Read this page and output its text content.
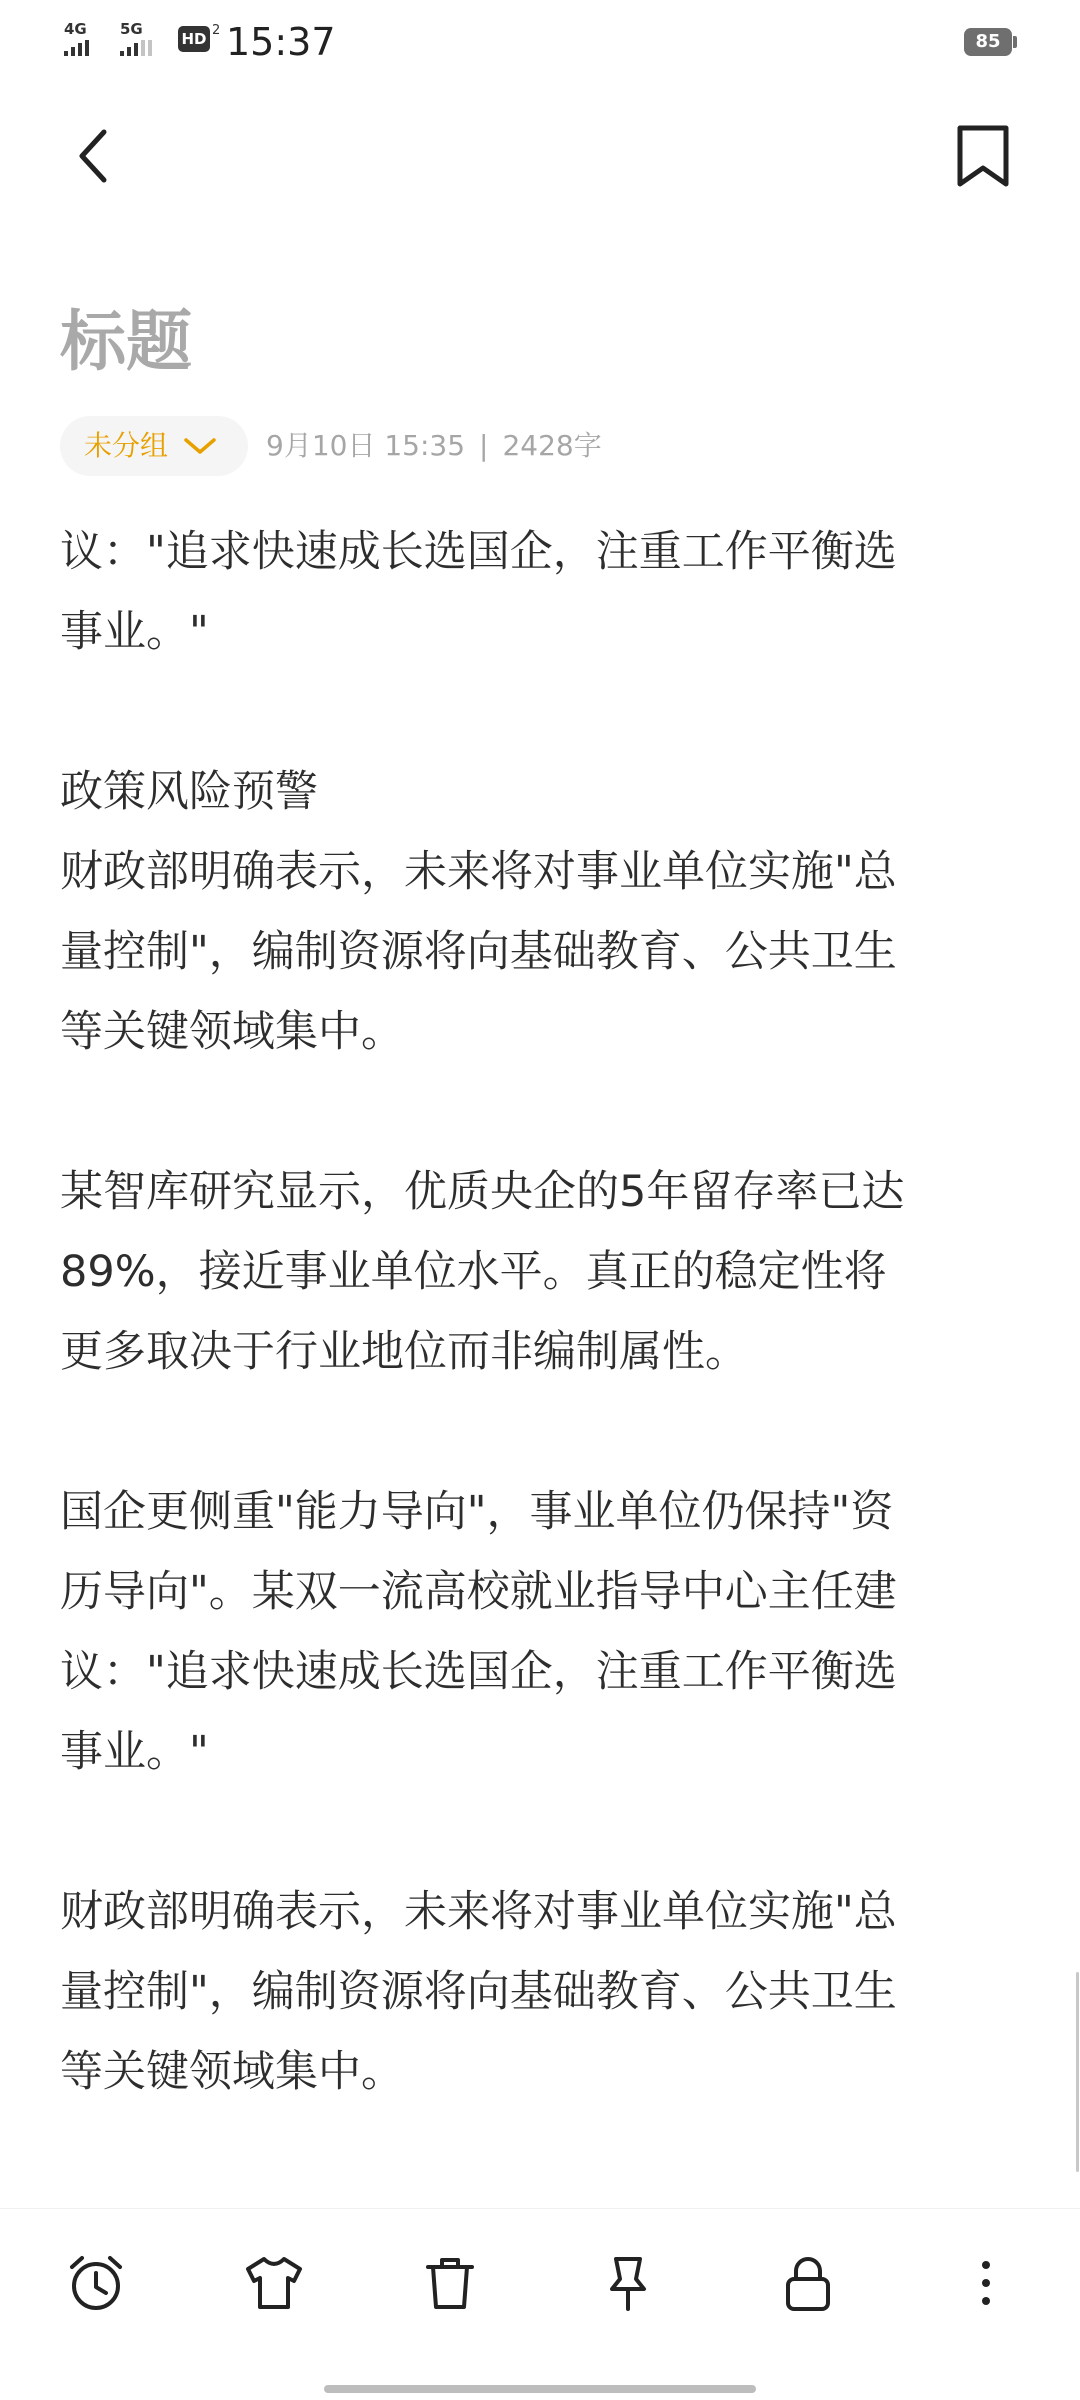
4G 5G
HD 2 15:37	85
标题
未分组	9月10日 15:35 | 2428字

议："追求快速成长选国企，注重工作平衡选
事业。"

政策风险预警
财政部明确表示，未来将对事业单位实施"总
量控制"，编制资源将向基础教育、公共卫生
等关键领域集中。

某智库研究显示，优质央企的5年留存率已达
89%，接近事业单位水平。真正的稳定性将
更多取决于行业地位而非编制属性。

国企更侧重"能力导向"，事业单位仍保持"资
历导向"。某双一流高校就业指导中心主任建
议："追求快速成长选国企，注重工作平衡选
事业。"

财政部明确表示，未来将对事业单位实施"总
量控制"，编制资源将向基础教育、公共卫生
等关键领域集中。
